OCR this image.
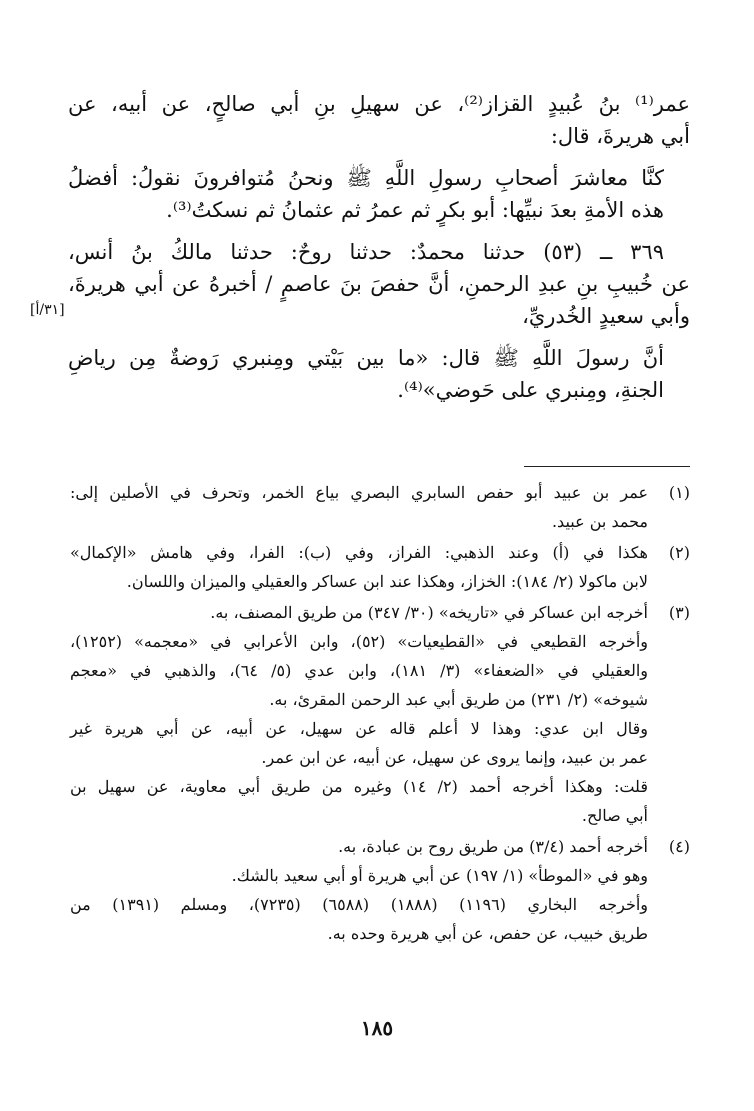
عمر⁽¹⁾ بنُ عُبيدٍ القزاز⁽²⁾، عن سهيلِ بنِ أبي صالحٍ، عن أبيه، عن
أبي هريرةَ، قال:
كنَّا معاشرَ أصحابِ رسولِ اللَّهِ ﷺ ونحنُ مُتوافرونَ نقولُ: أفضلُ
هذه الأمةِ بعدَ نبيِّها: أبو بكرٍ ثم عمرُ ثم عثمانُ ثم نسكتُ⁽³⁾.
٣٦٩ ــ (٥٣) حدثنا محمدٌ: حدثنا روحٌ: حدثنا مالكُ بنُ أنس،
عن خُبيبِ بنِ عبدِ الرحمنِ، أنَّ حفصَ بنَ عاصمٍ / أخبرهُ عن أبي هريرةَ،
وأبي سعيدٍ الخُدريِّ،
أنَّ رسولَ اللَّهِ ﷺ قال: «ما بين بَيْتي ومِنبري رَوضةٌ مِن رياضِ
الجنةِ، ومِنبري على حَوضي»⁽⁴⁾.
[٣١/أ]
(١)
عمر بن عبيد أبو حفص السابري البصري بياع الخمر، وتحرف في الأصلين إلى:
محمد بن عبيد.
(٢)
هكذا في (أ) وعند الذهبي: الفراز، وفي (ب): الفرا، وفي هامش «الإكمال»
لابن ماكولا (٢/ ١٨٤): الخزاز، وهكذا عند ابن عساكر والعقيلي والميزان واللسان.
(٣)
أخرجه ابن عساكر في «تاريخه» (٣٠/ ٣٤٧) من طريق المصنف، به.
وأخرجه القطيعي في «القطيعيات» (٥٢)، وابن الأعرابي في «معجمه» (١٢٥٢)،
والعقيلي في «الضعفاء» (٣/ ١٨١)، وابن عدي (٥/ ٦٤)، والذهبي في «معجم
شيوخه» (٢/ ٢٣١) من طريق أبي عبد الرحمن المقرئ، به.
وقال ابن عدي: وهذا لا أعلم قاله عن سهيل، عن أبيه، عن أبي هريرة غير
عمر بن عبيد، وإنما يروى عن سهيل، عن أبيه، عن ابن عمر.
قلت: وهكذا أخرجه أحمد (٢/ ١٤) وغيره من طريق أبي معاوية، عن سهيل بن
أبي صالح.
(٤)
أخرجه أحمد (٣/٤) من طريق روح بن عبادة، به.
وهو في «الموطأ» (١/ ١٩٧) عن أبي هريرة أو أبي سعيد بالشك.
وأخرجه البخاري (١١٩٦) (١٨٨٨) (٦٥٨٨) (٧٢٣٥)، ومسلم (١٣٩١) من
طريق خبيب، عن حفص، عن أبي هريرة وحده به.
١٨٥
